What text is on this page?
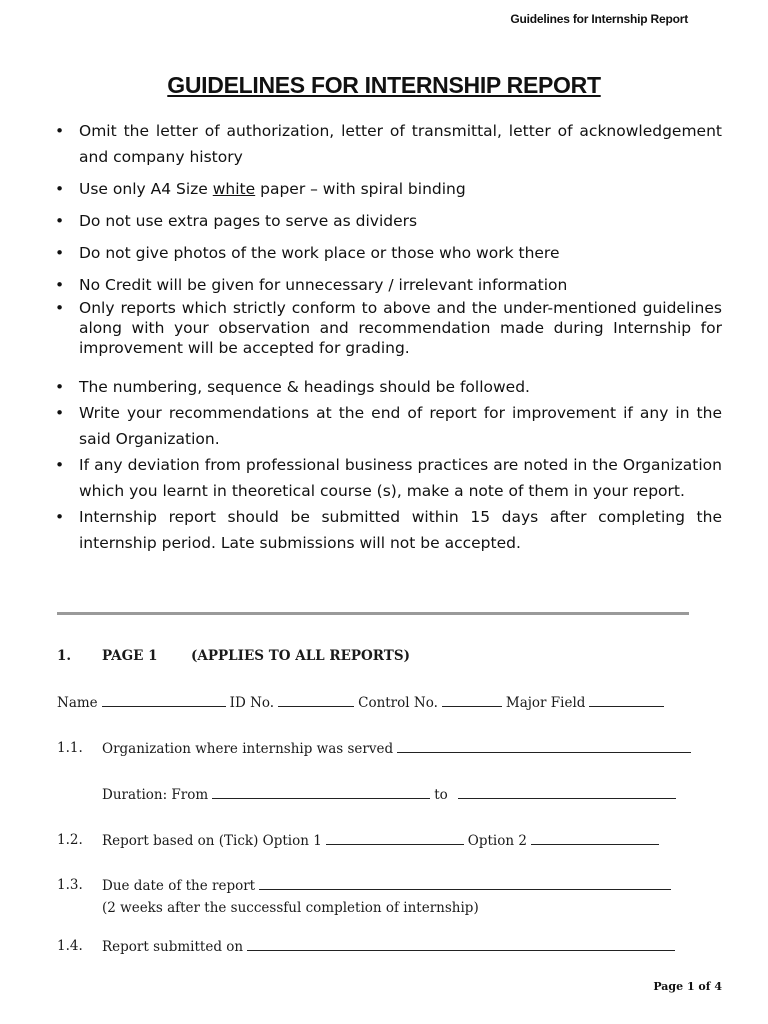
Guidelines for Internship Report
GUIDELINES FOR INTERNSHIP REPORT
• Omit the letter of authorization, letter of transmittal, letter of acknowledgement and company history
• Use only A4 Size white paper – with spiral binding
• Do not use extra pages to serve as dividers
• Do not give photos of the work place or those who work there
• No Credit will be given for unnecessary / irrelevant information
• Only reports which strictly conform to above and the under-mentioned guidelines along with your observation and recommendation made during Internship for improvement will be accepted for grading.
• The numbering, sequence & headings should be followed.
• Write your recommendations at the end of report for improvement if any in the said Organization.
• If any deviation from professional business practices are noted in the Organization which you learnt in theoretical course (s), make a note of them in your report.
• Internship report should be submitted within 15 days after completing the internship period. Late submissions will not be accepted.
1. PAGE 1 (APPLIES TO ALL REPORTS)
Name	ID No.	Control No.	Major Field
1.1. Organization where internship was served
Duration: From	to
1.2. Report based on (Tick) Option 1	Option 2
1.3. Due date of the report
(2 weeks after the successful completion of internship)
1.4. Report submitted on
Page 1 of 4
